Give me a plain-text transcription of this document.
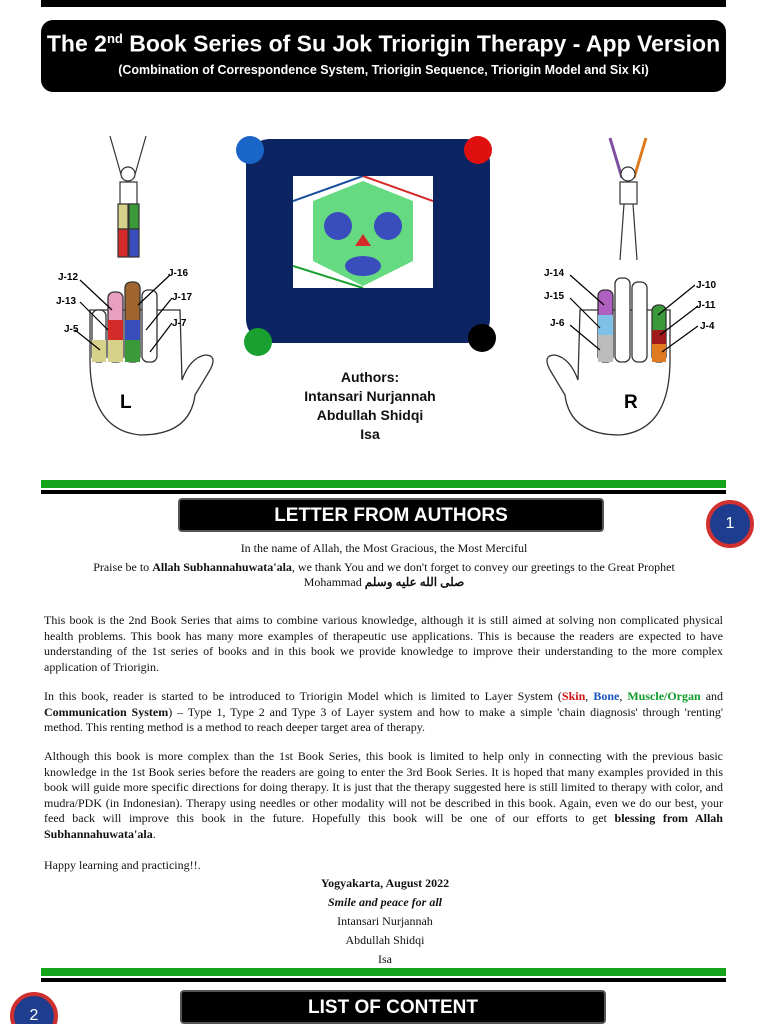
The 2nd Book Series of Su Jok Triorigin Therapy - App Version
(Combination of Correspondence System, Triorigin Sequence, Triorigin Model and Six Ki)
J-12
J-13
J-5
J-16
J-17
J-7
L
Authors:
Intansari Nurjannah
Abdullah Shidqi
Isa
J-14
J-15
J-6
J-10
J-11
J-4
R
LETTER FROM AUTHORS	1
In the name of Allah, the Most Gracious, the Most Merciful
Praise be to Allah Subhannahuwata'ala, we thank You and we don't forget to convey our greetings to the Great Prophet
Mohammad صلى الله عليه وسلم
This book is the 2nd Book Series that aims to combine various knowledge, although it is still aimed at solving non complicated physical health problems. This book has many more examples of therapeutic use applications. This is because the readers are expected to have understanding of the 1st series of books and in this book we provide knowledge to improve their understanding to the more complex application of Triorigin.
In this book, reader is started to be introduced to Triorigin Model which is limited to Layer System (Skin, Bone, Muscle/Organ and Communication System) – Type 1, Type 2 and Type 3 of Layer system and how to make a simple 'chain diagnosis' through 'renting' method. This renting method is a method to reach deeper target area of therapy.
Although this book is more complex than the 1st Book Series, this book is limited to help only in connecting with the previous basic knowledge in the 1st Book series before the readers are going to enter the 3rd Book Series. It is hoped that many examples provided in this book will guide more specific directions for doing therapy. It is just that the therapy suggested here is still limited to therapy with color, and mudra/PDK (in Indonesian). Therapy using needles or other modality will not be described in this book. Again, even we do our best, your feed back will improve this book in the future. Hopefully this book will be one of our efforts to get blessing from Allah Subhannahuwata'ala.
Happy learning and practicing!!.
Yogyakarta, August 2022
Smile and peace for all
Intansari Nurjannah
Abdullah Shidqi
Isa
LIST OF CONTENT
2
